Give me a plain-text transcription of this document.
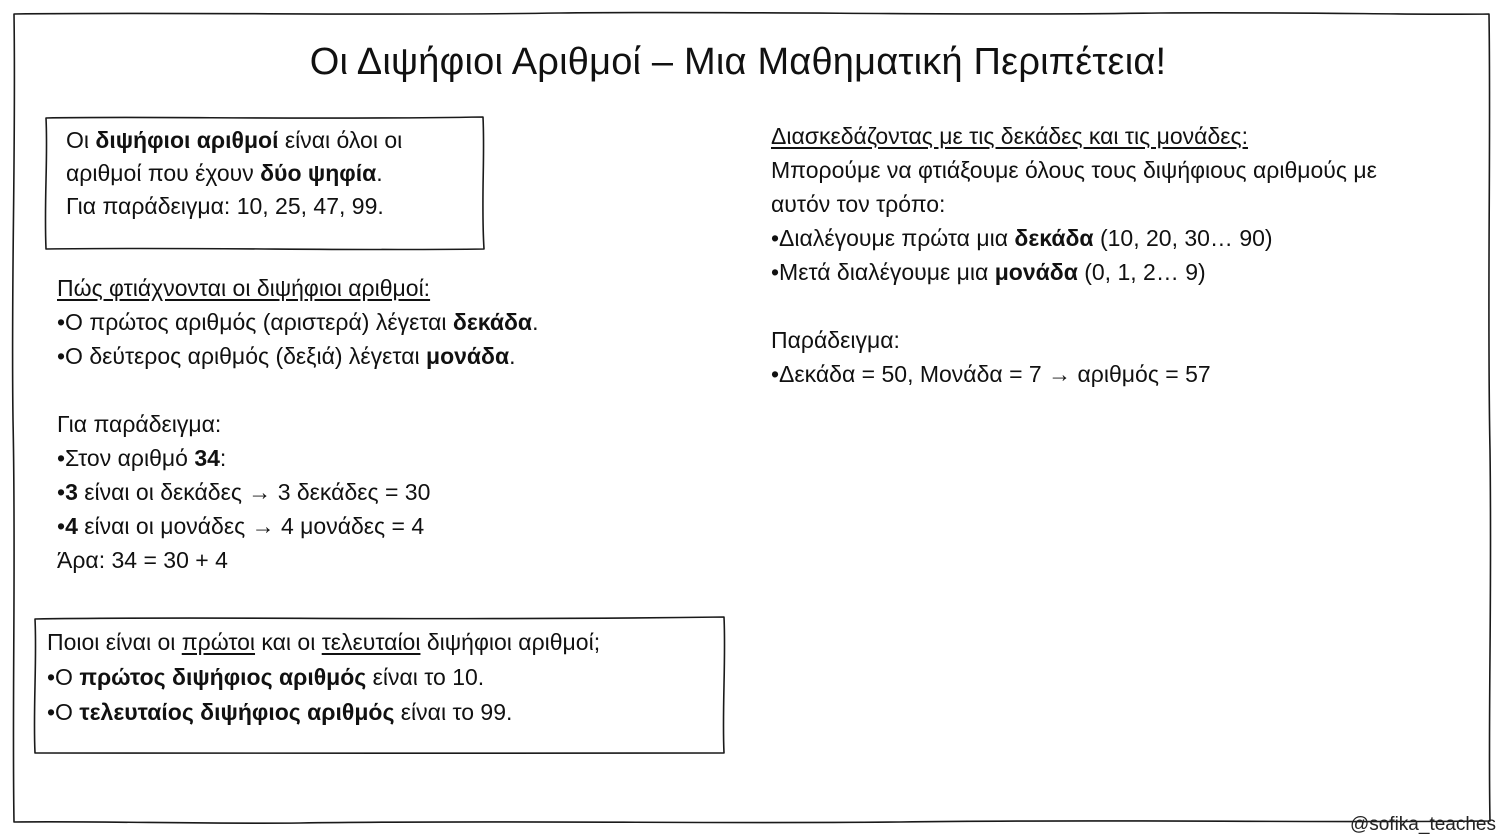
Οι Διψήφιοι Αριθμοί – Μια Μαθηματική Περιπέτεια!

Οι διψήφιοι αριθμοί είναι όλοι οι

αριθμοί που έχουν δύο ψηφία.

Για παράδειγμα: 10, 25, 47, 99.

Πώς φτιάχνονται οι διψήφιοι αριθμοί:

•Ο πρώτος αριθμός (αριστερά) λέγεται δεκάδα.

•Ο δεύτερος αριθμός (δεξιά) λέγεται μονάδα.

Για παράδειγμα:

•Στον αριθμό 34:

•3 είναι οι δεκάδες → 3 δεκάδες = 30

•4 είναι οι μονάδες → 4 μονάδες = 4

Άρα: 34 = 30 + 4

Ποιοι είναι οι πρώτοι και οι τελευταίοι διψήφιοι αριθμοί;

•Ο πρώτος διψήφιος αριθμός είναι το 10.

•Ο τελευταίος διψήφιος αριθμός είναι το 99.

Διασκεδάζοντας με τις δεκάδες και τις μονάδες:

Μπορούμε να φτιάξουμε όλους τους διψήφιους αριθμούς με

αυτόν τον τρόπο:

•Διαλέγουμε πρώτα μια δεκάδα (10, 20, 30… 90)

•Μετά διαλέγουμε μια μονάδα (0, 1, 2… 9)

Παράδειγμα:

•Δεκάδα = 50, Μονάδα = 7 → αριθμός = 57

@sofika_teaches
